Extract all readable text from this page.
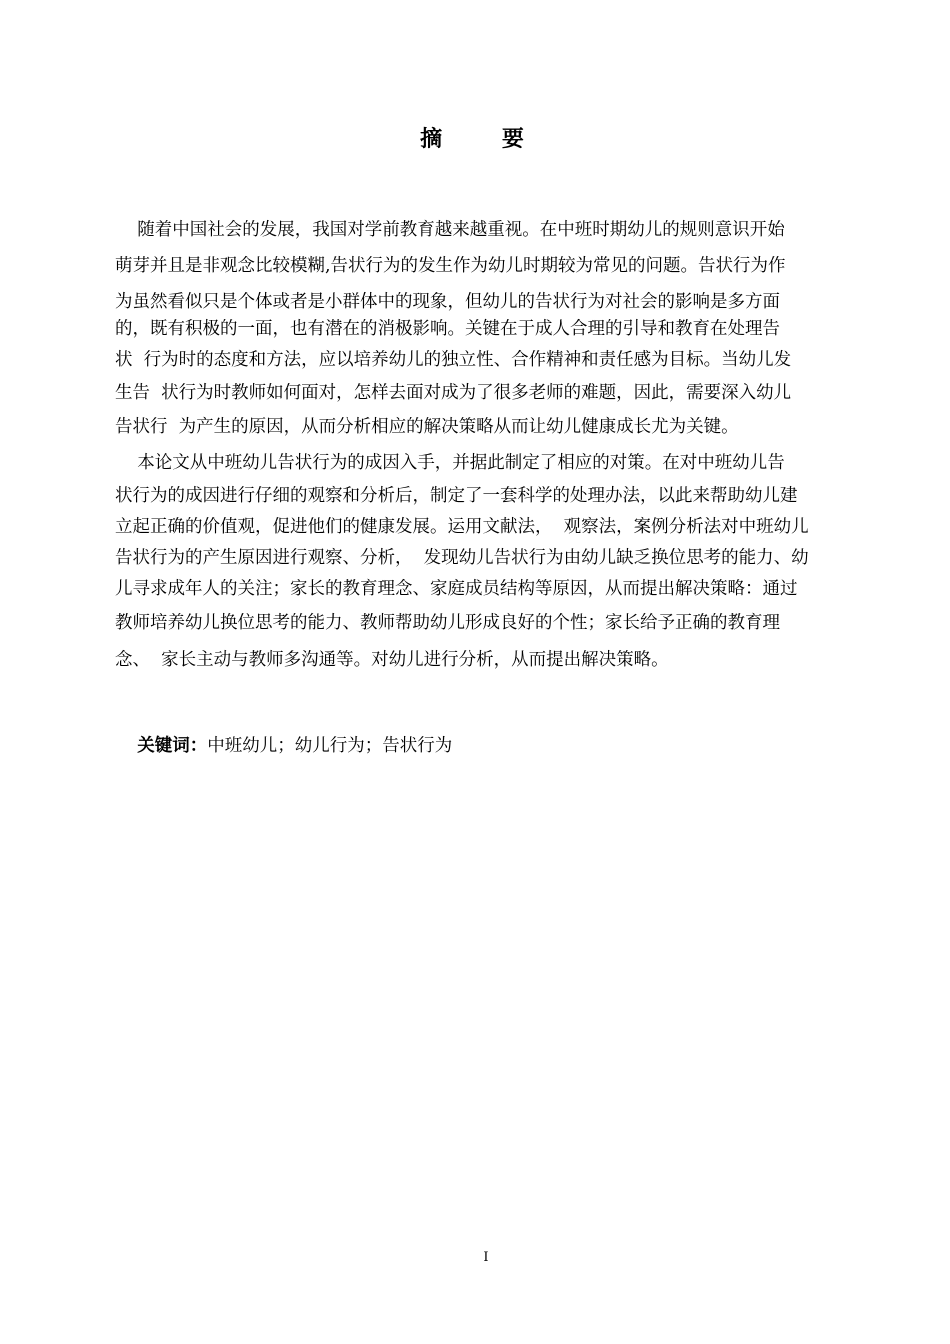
摘 要
随着中国社会的发展，我国对学前教育越来越重视。在中班时期幼儿的规则意识开始
萌芽并且是非观念比较模糊,告状行为的发生作为幼儿时期较为常见的问题。告状行为作
为虽然看似只是个体或者是小群体中的现象，但幼儿的告状行为对社会的影响是多方面
的，既有积极的一面，也有潜在的消极影响。关键在于成人合理的引导和教育在处理告
状  行为时的态度和方法，应以培养幼儿的独立性、合作精神和责任感为目标。当幼儿发
生告  状行为时教师如何面对，怎样去面对成为了很多老师的难题，因此，需要深入幼儿
告状行  为产生的原因，从而分析相应的解决策略从而让幼儿健康成长尤为关键。
本论文从中班幼儿告状行为的成因入手，并据此制定了相应的对策。在对中班幼儿告
状行为的成因进行仔细的观察和分析后，制定了一套科学的处理办法，以此来帮助幼儿建
立起正确的价值观，促进他们的健康发展。运用文献法，  观察法，案例分析法对中班幼儿
告状行为的产生原因进行观察、分析，  发现幼儿告状行为由幼儿缺乏换位思考的能力、幼
儿寻求成年人的关注；家长的教育理念、家庭成员结构等原因，从而提出解决策略：通过
教师培养幼儿换位思考的能力、教师帮助幼儿形成良好的个性；家长给予正确的教育理
念、  家长主动与教师多沟通等。对幼儿进行分析，从而提出解决策略。

关键词：中班幼儿；幼儿行为；告状行为

I
